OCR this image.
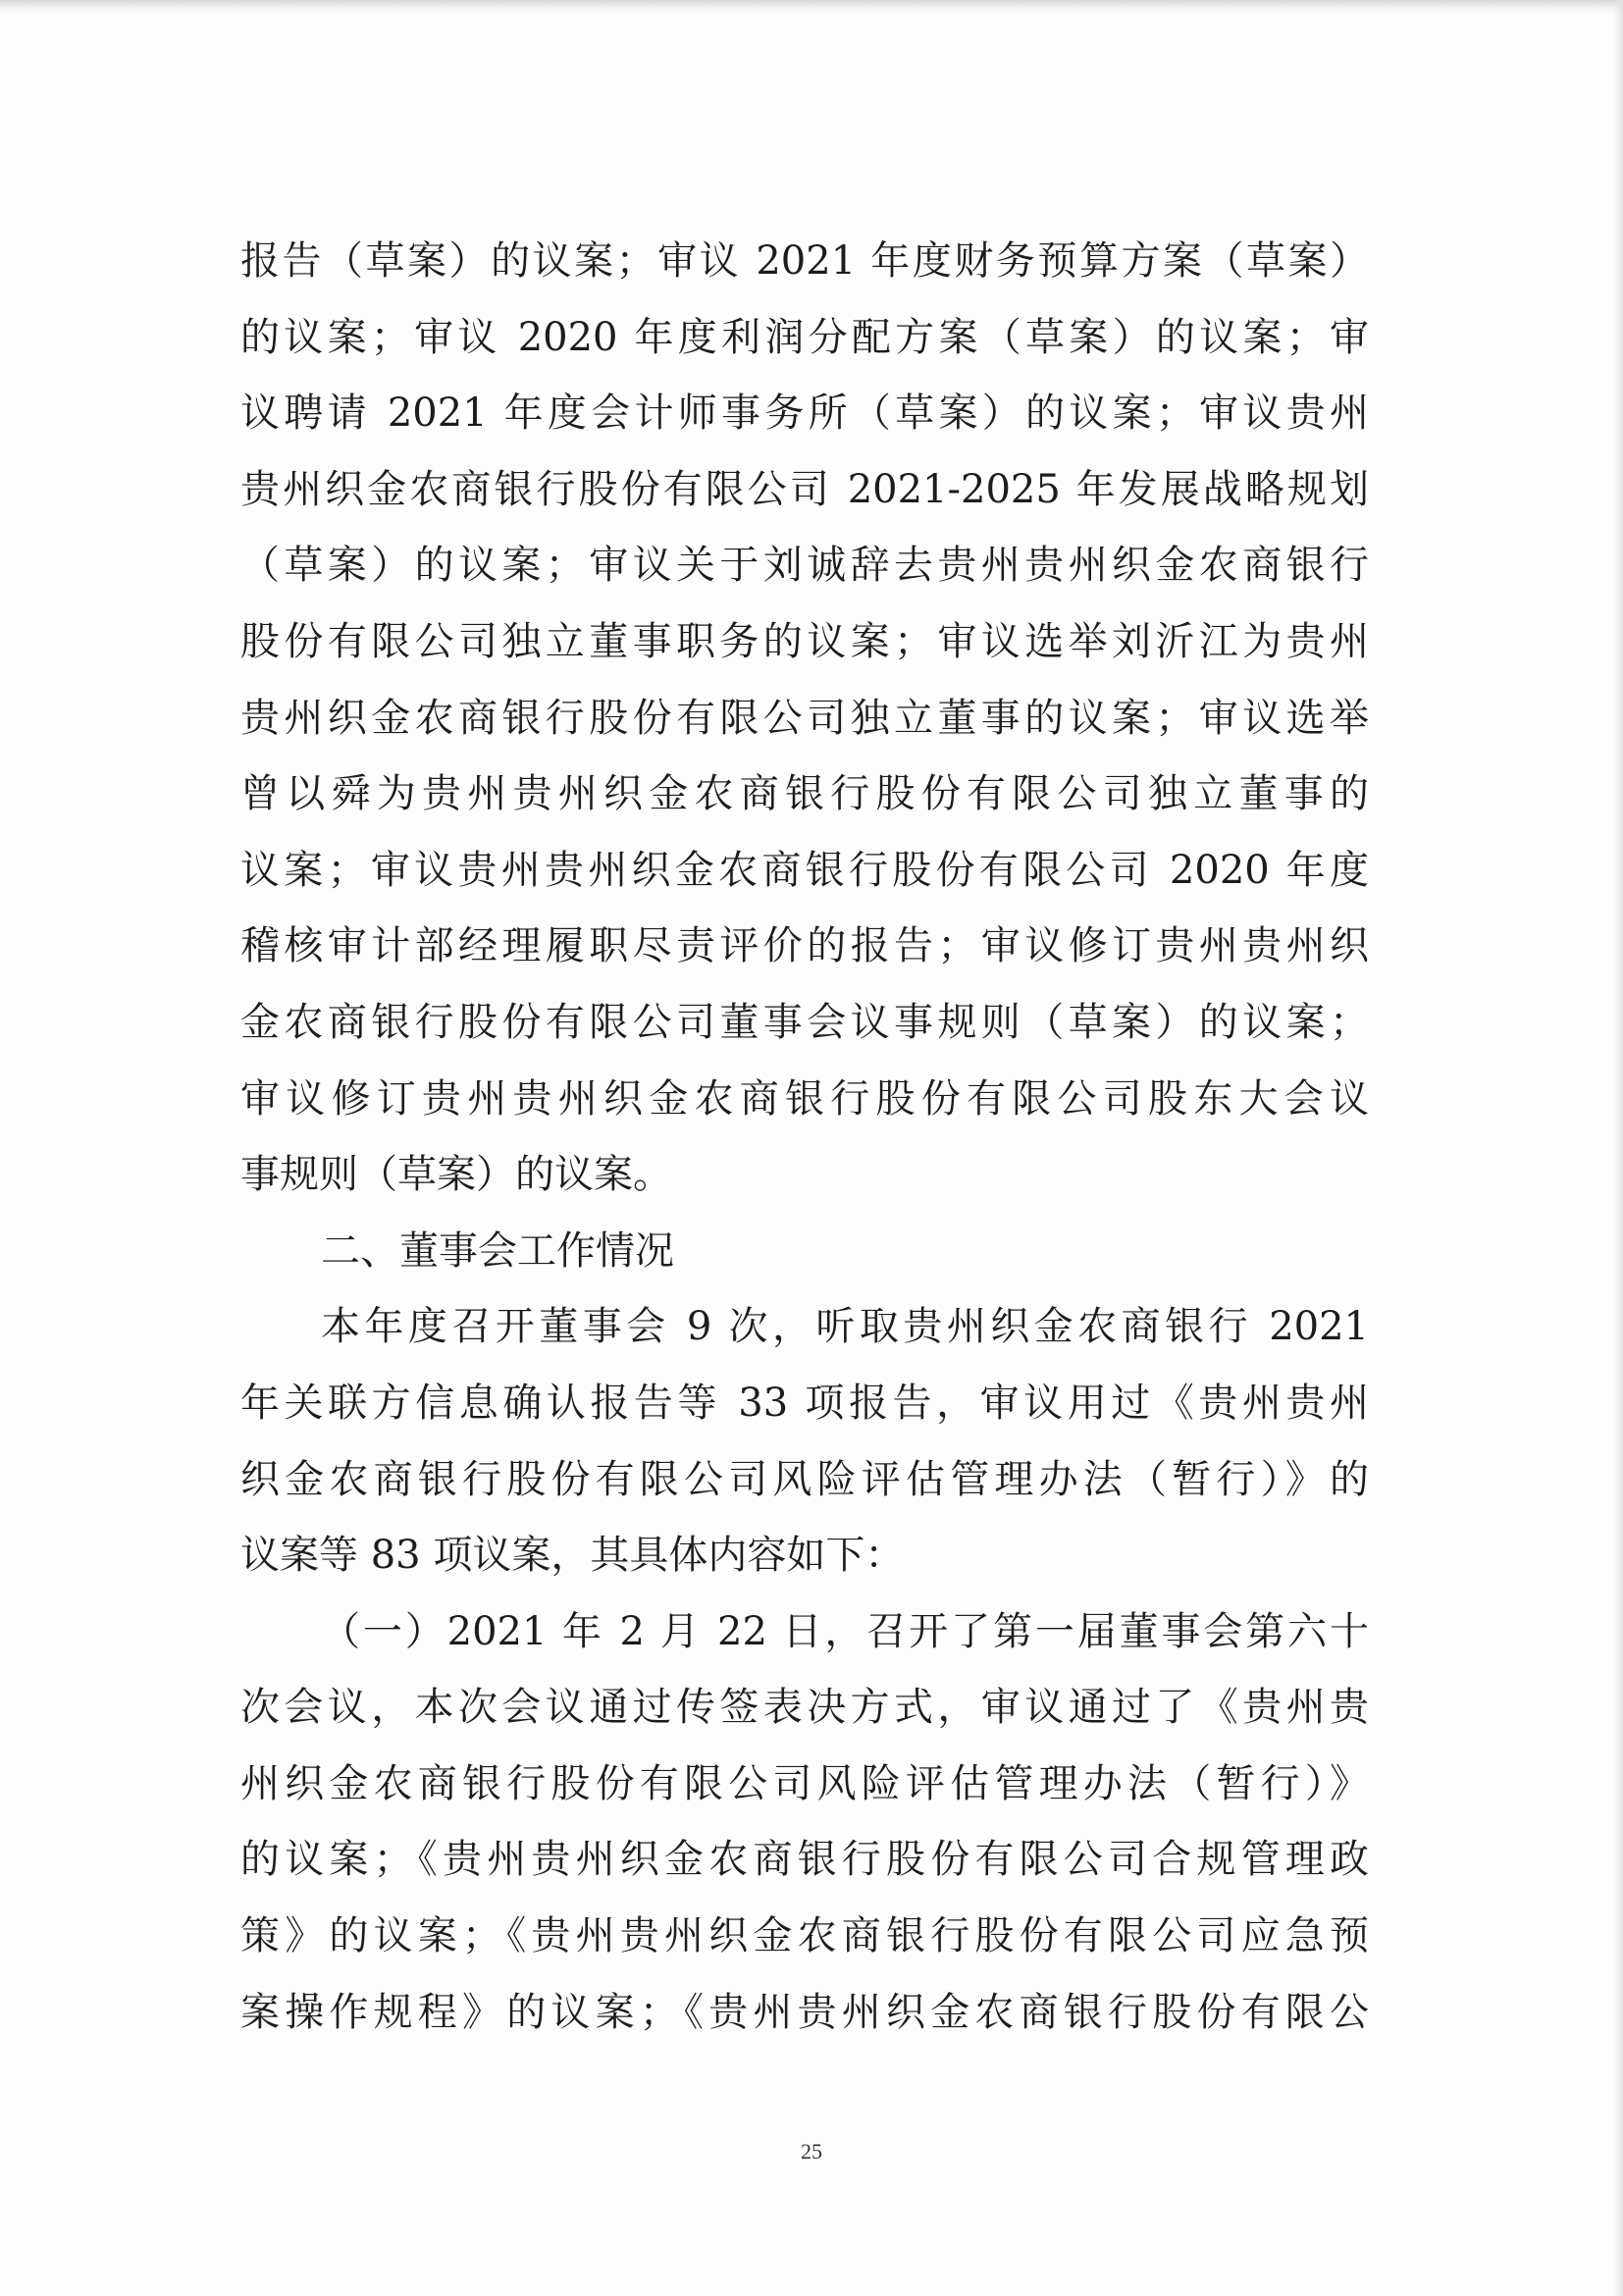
报告（草案）的议案；审议 2021 年度财务预算方案（草案）
的议案；审议 2020 年度利润分配方案（草案）的议案；审
议聘请 2021 年度会计师事务所（草案）的议案；审议贵州
贵州织金农商银行股份有限公司 2021-2025 年发展战略规划
（草案）的议案；审议关于刘诚辞去贵州贵州织金农商银行
股份有限公司独立董事职务的议案；审议选举刘沂江为贵州
贵州织金农商银行股份有限公司独立董事的议案；审议选举
曾以舜为贵州贵州织金农商银行股份有限公司独立董事的
议案；审议贵州贵州织金农商银行股份有限公司 2020 年度
稽核审计部经理履职尽责评价的报告；审议修订贵州贵州织
金农商银行股份有限公司董事会议事规则（草案）的议案；
审议修订贵州贵州织金农商银行股份有限公司股东大会议
事规则（草案）的议案。
二、董事会工作情况
本年度召开董事会 9 次，听取贵州织金农商银行 2021
年关联方信息确认报告等 33 项报告，审议用过《贵州贵州
织金农商银行股份有限公司风险评估管理办法（暂行）》的
议案等 83 项议案，其具体内容如下：
（一）2021 年 2 月 22 日，召开了第一届董事会第六十
次会议，本次会议通过传签表决方式，审议通过了《贵州贵
州织金农商银行股份有限公司风险评估管理办法（暂行）》
的议案；《贵州贵州织金农商银行股份有限公司合规管理政
策》的议案；《贵州贵州织金农商银行股份有限公司应急预
案操作规程》的议案；《贵州贵州织金农商银行股份有限公
25
